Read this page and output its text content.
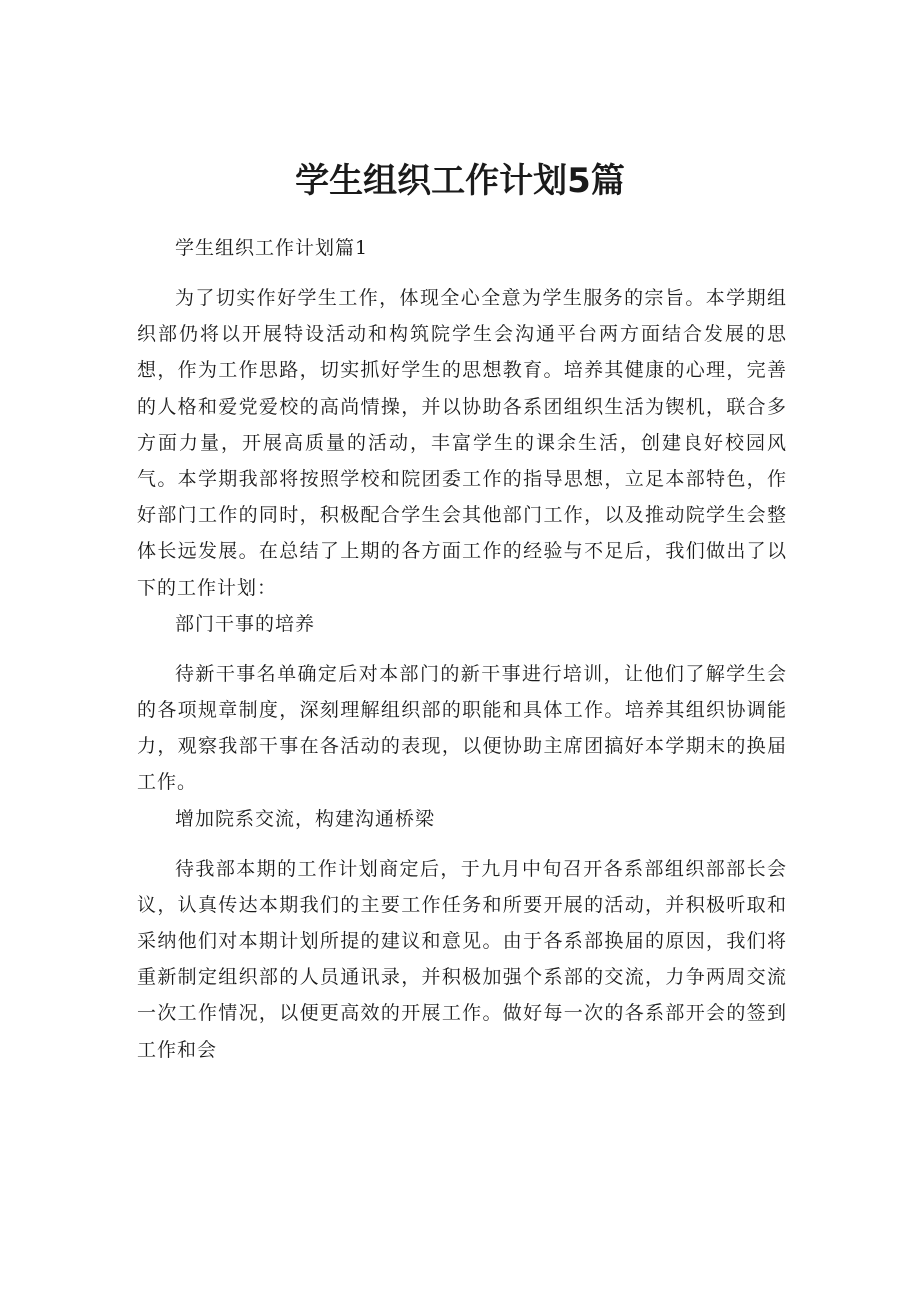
学生组织工作计划5篇

学生组织工作计划篇1

为了切实作好学生工作，体现全心全意为学生服务的宗旨。本学期组织部仍将以开展特设活动和构筑院学生会沟通平台两方面结合发展的思想，作为工作思路，切实抓好学生的思想教育。培养其健康的心理，完善的人格和爱党爱校的高尚情操，并以协助各系团组织生活为锲机，联合多方面力量，开展高质量的活动，丰富学生的课余生活，创建良好校园风气。本学期我部将按照学校和院团委工作的指导思想，立足本部特色，作好部门工作的同时，积极配合学生会其他部门工作，以及推动院学生会整体长远发展。在总结了上期的各方面工作的经验与不足后，我们做出了以下的工作计划：

部门干事的培养

待新干事名单确定后对本部门的新干事进行培训，让他们了解学生会的各项规章制度，深刻理解组织部的职能和具体工作。培养其组织协调能力，观察我部干事在各活动的表现，以便协助主席团搞好本学期末的换届工作。

增加院系交流，构建沟通桥梁

待我部本期的工作计划商定后，于九月中旬召开各系部组织部部长会议，认真传达本期我们的主要工作任务和所要开展的活动，并积极听取和采纳他们对本期计划所提的建议和意见。由于各系部换届的原因，我们将重新制定组织部的人员通讯录，并积极加强个系部的交流，力争两周交流一次工作情况，以便更高效的开展工作。做好每一次的各系部开会的签到工作和会
